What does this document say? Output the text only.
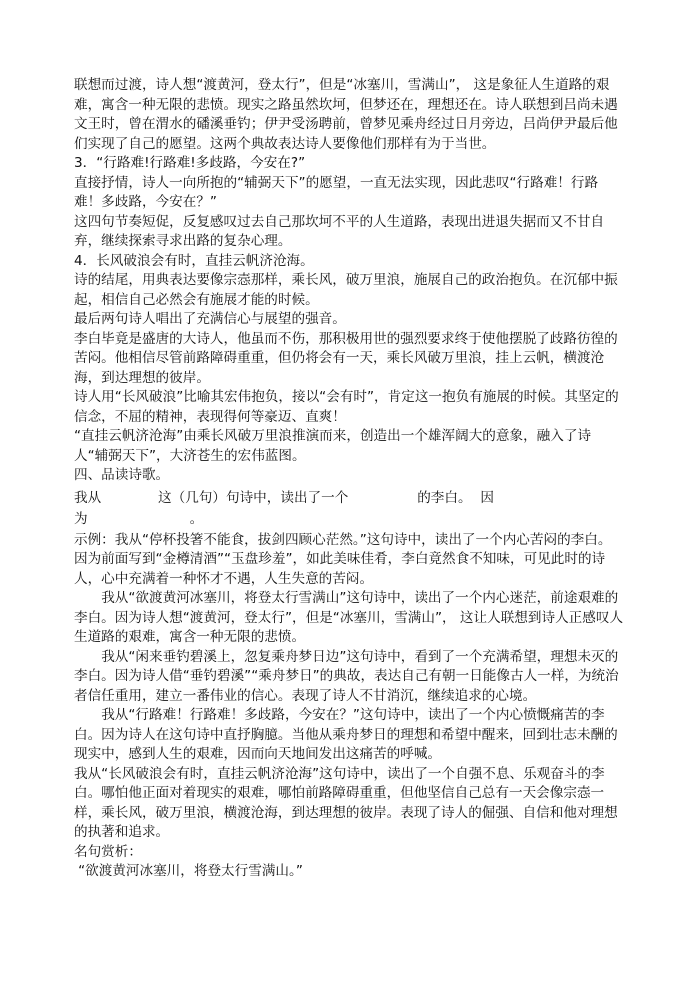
联想而过渡，诗人想“渡黄河，登太行”，但是“冰塞川，雪满山”， 这是象征人生道路的艰难，寓含一种无限的悲愤。现实之路虽然坎坷，但梦还在，理想还在。诗人联想到吕尚未遇文王时，曾在渭水的磻溪垂钓；伊尹受汤聘前，曾梦见乘舟经过日月旁边，吕尚伊尹最后他们实现了自己的愿望。这两个典故表达诗人要像他们那样有为于当世。

3．“行路难!行路难!多歧路，今安在?”

直接抒情，诗人一向所抱的“辅弼天下”的愿望，一直无法实现，因此悲叹“行路难！行路难！多歧路，今安在？”

这四句节奏短促，反复感叹过去自己那坎坷不平的人生道路，表现出进退失据而又不甘自弃，继续探索寻求出路的复杂心理。

4．长风破浪会有时，直挂云帆济沧海。

诗的结尾，用典表达要像宗悫那样，乘长风，破万里浪，施展自己的政治抱负。在沉郁中振起，相信自己必然会有施展才能的时候。

最后两句诗人唱出了充满信心与展望的强音。

李白毕竟是盛唐的大诗人，他虽而不伤，那积极用世的强烈要求终于使他摆脱了歧路彷徨的苦闷。他相信尽管前路障碍重重，但仍将会有一天，乘长风破万里浪，挂上云帆，横渡沧海，到达理想的彼岸。

诗人用“长风破浪”比喻其宏伟抱负，接以“会有时”，肯定这一抱负有施展的时候。其坚定的信念，不屈的精神，表现得何等豪迈、直爽！

“直挂云帆济沧海”由乘长风破万里浪推演而来，创造出一个雄浑阔大的意象，融入了诗人“辅弼天下”，大济苍生的宏伟蓝图。

四、品读诗歌。

我从	这（几句）句诗中，读出了一个	的李白。 因
为	。

示例：我从“停杯投箸不能食，拔剑四顾心茫然。”这句诗中，读出了一个内心苦闷的李白。因为前面写到“金樽清酒”“玉盘珍羞”，如此美味佳肴，李白竟然食不知味，可见此时的诗人，心中充满着一种怀才不遇，人生失意的苦闷。

我从“欲渡黄河冰塞川，将登太行雪满山”这句诗中，读出了一个内心迷茫，前途艰难的李白。因为诗人想“渡黄河，登太行”，但是“冰塞川，雪满山”， 这让人联想到诗人正感叹人生道路的艰难，寓含一种无限的悲愤。

我从“闲来垂钓碧溪上，忽复乘舟梦日边”这句诗中，看到了一个充满希望，理想未灭的李白。因为诗人借“垂钓碧溪”“乘舟梦日”的典故，表达自己有朝一日能像古人一样，为统治者信任重用，建立一番伟业的信心。表现了诗人不甘消沉，继续追求的心境。

我从“行路难！行路难！多歧路，今安在？”这句诗中，读出了一个内心愤慨痛苦的李白。因为诗人在这句诗中直抒胸臆。当他从乘舟梦日的理想和希望中醒来，回到壮志未酬的现实中，感到人生的艰难，因而向天地间发出这痛苦的呼喊。

我从“长风破浪会有时，直挂云帆济沧海”这句诗中，读出了一个自强不息、乐观奋斗的李白。哪怕他正面对着现实的艰难，哪怕前路障碍重重，但他坚信自己总有一天会像宗悫一样，乘长风，破万里浪，横渡沧海，到达理想的彼岸。表现了诗人的倔强、自信和他对理想的执著和追求。

名句赏析：

“欲渡黄河冰塞川，将登太行雪满山。”
